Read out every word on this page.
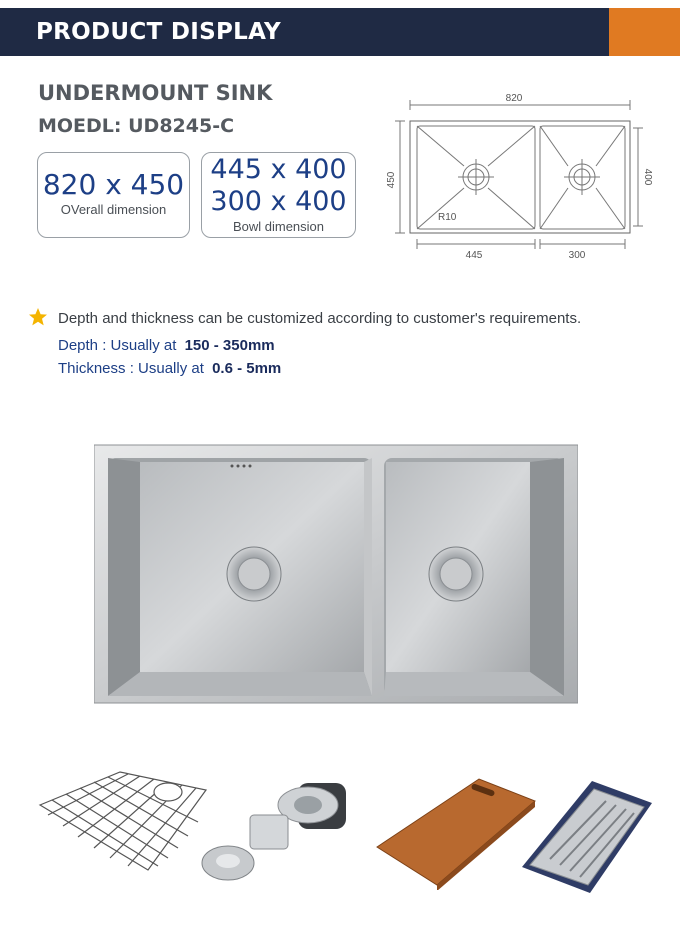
PRODUCT DISPLAY
UNDERMOUNT SINK
MOEDL: UD8245-C
820 x 450
OVerall dimension
445 x 400
300 x 400
Bowl dimension
820
450	400
R10
445	300
Depth and thickness can be customized according to customer's requirements.
Depth : Usually at 150 - 350mm
Thickness : Usually at 0.6 - 5mm
